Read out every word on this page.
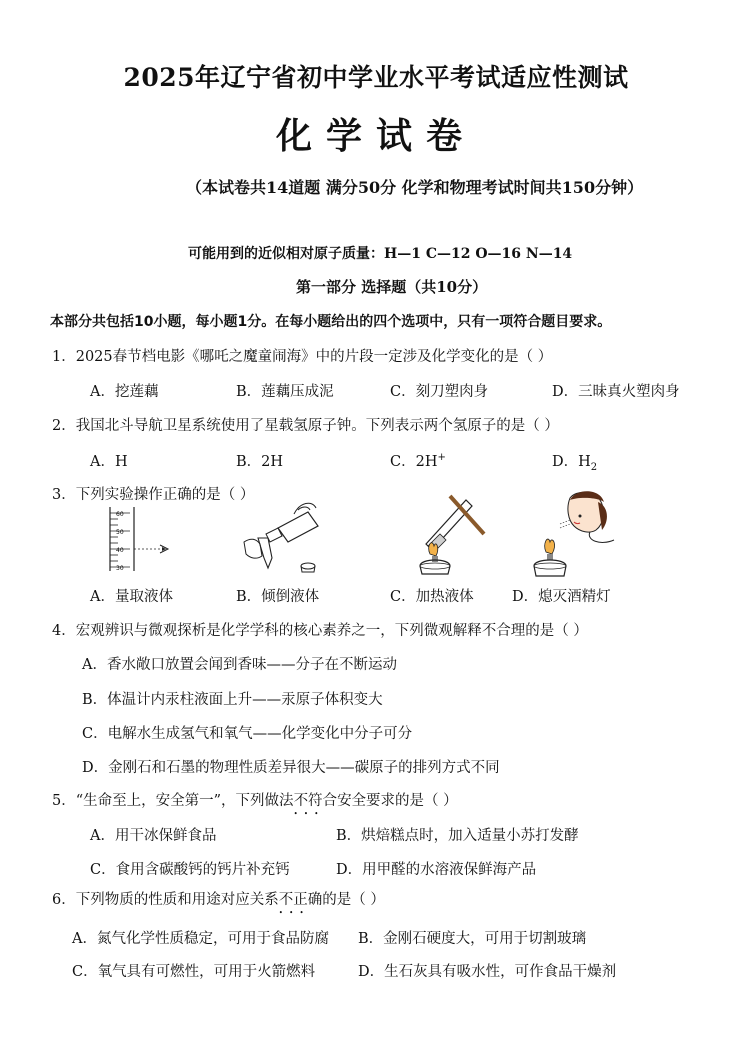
2025年辽宁省初中学业水平考试适应性测试
化学试卷
（本试卷共14道题 满分50分 化学和物理考试时间共150分钟）
可能用到的近似相对原子质量：H—1 C—12 O—16 N—14
第一部分 选择题（共10分）
本部分共包括10小题，每小题1分。在每小题给出的四个选项中，只有一项符合题目要求。
1．2025春节档电影《哪吒之魔童闹海》中的片段一定涉及化学变化的是（ ）
A．挖莲藕	B．莲藕压成泥	C．刻刀塑肉身	D．三昧真火塑肉身
2．我国北斗导航卫星系统使用了星载氢原子钟。下列表示两个氢原子的是（ ）
A．H	B．2H	C．2H+	D．$H_2$
3．下列实验操作正确的是（ ）
60
50
40
30
A．量取液体	B．倾倒液体	C．加热液体	D．熄灭酒精灯
4．宏观辨识与微观探析是化学学科的核心素养之一，下列微观解释不合理的是（ ）
A．香水敞口放置会闻到香味——分子在不断运动
B．体温计内汞柱液面上升——汞原子体积变大
C．电解水生成氢气和氧气——化学变化中分子可分
D．金刚石和石墨的物理性质差异很大——碳原子的排列方式不同
5．“生命至上，安全第一”，下列做法不符合 • • •安全要求的是（ ）
A．用干冰保鲜食品	B．烘焙糕点时，加入适量小苏打发酵
C．食用含碳酸钙的钙片补充钙	D．用甲醛的水溶液保鲜海产品
6．下列物质的性质和用途对应关系不正确 • • •的是（ ）
A．氮气化学性质稳定，可用于食品防腐 B．金刚石硬度大，可用于切割玻璃
C．氧气具有可燃性，可用于火箭燃料	D．生石灰具有吸水性，可作食品干燥剂
